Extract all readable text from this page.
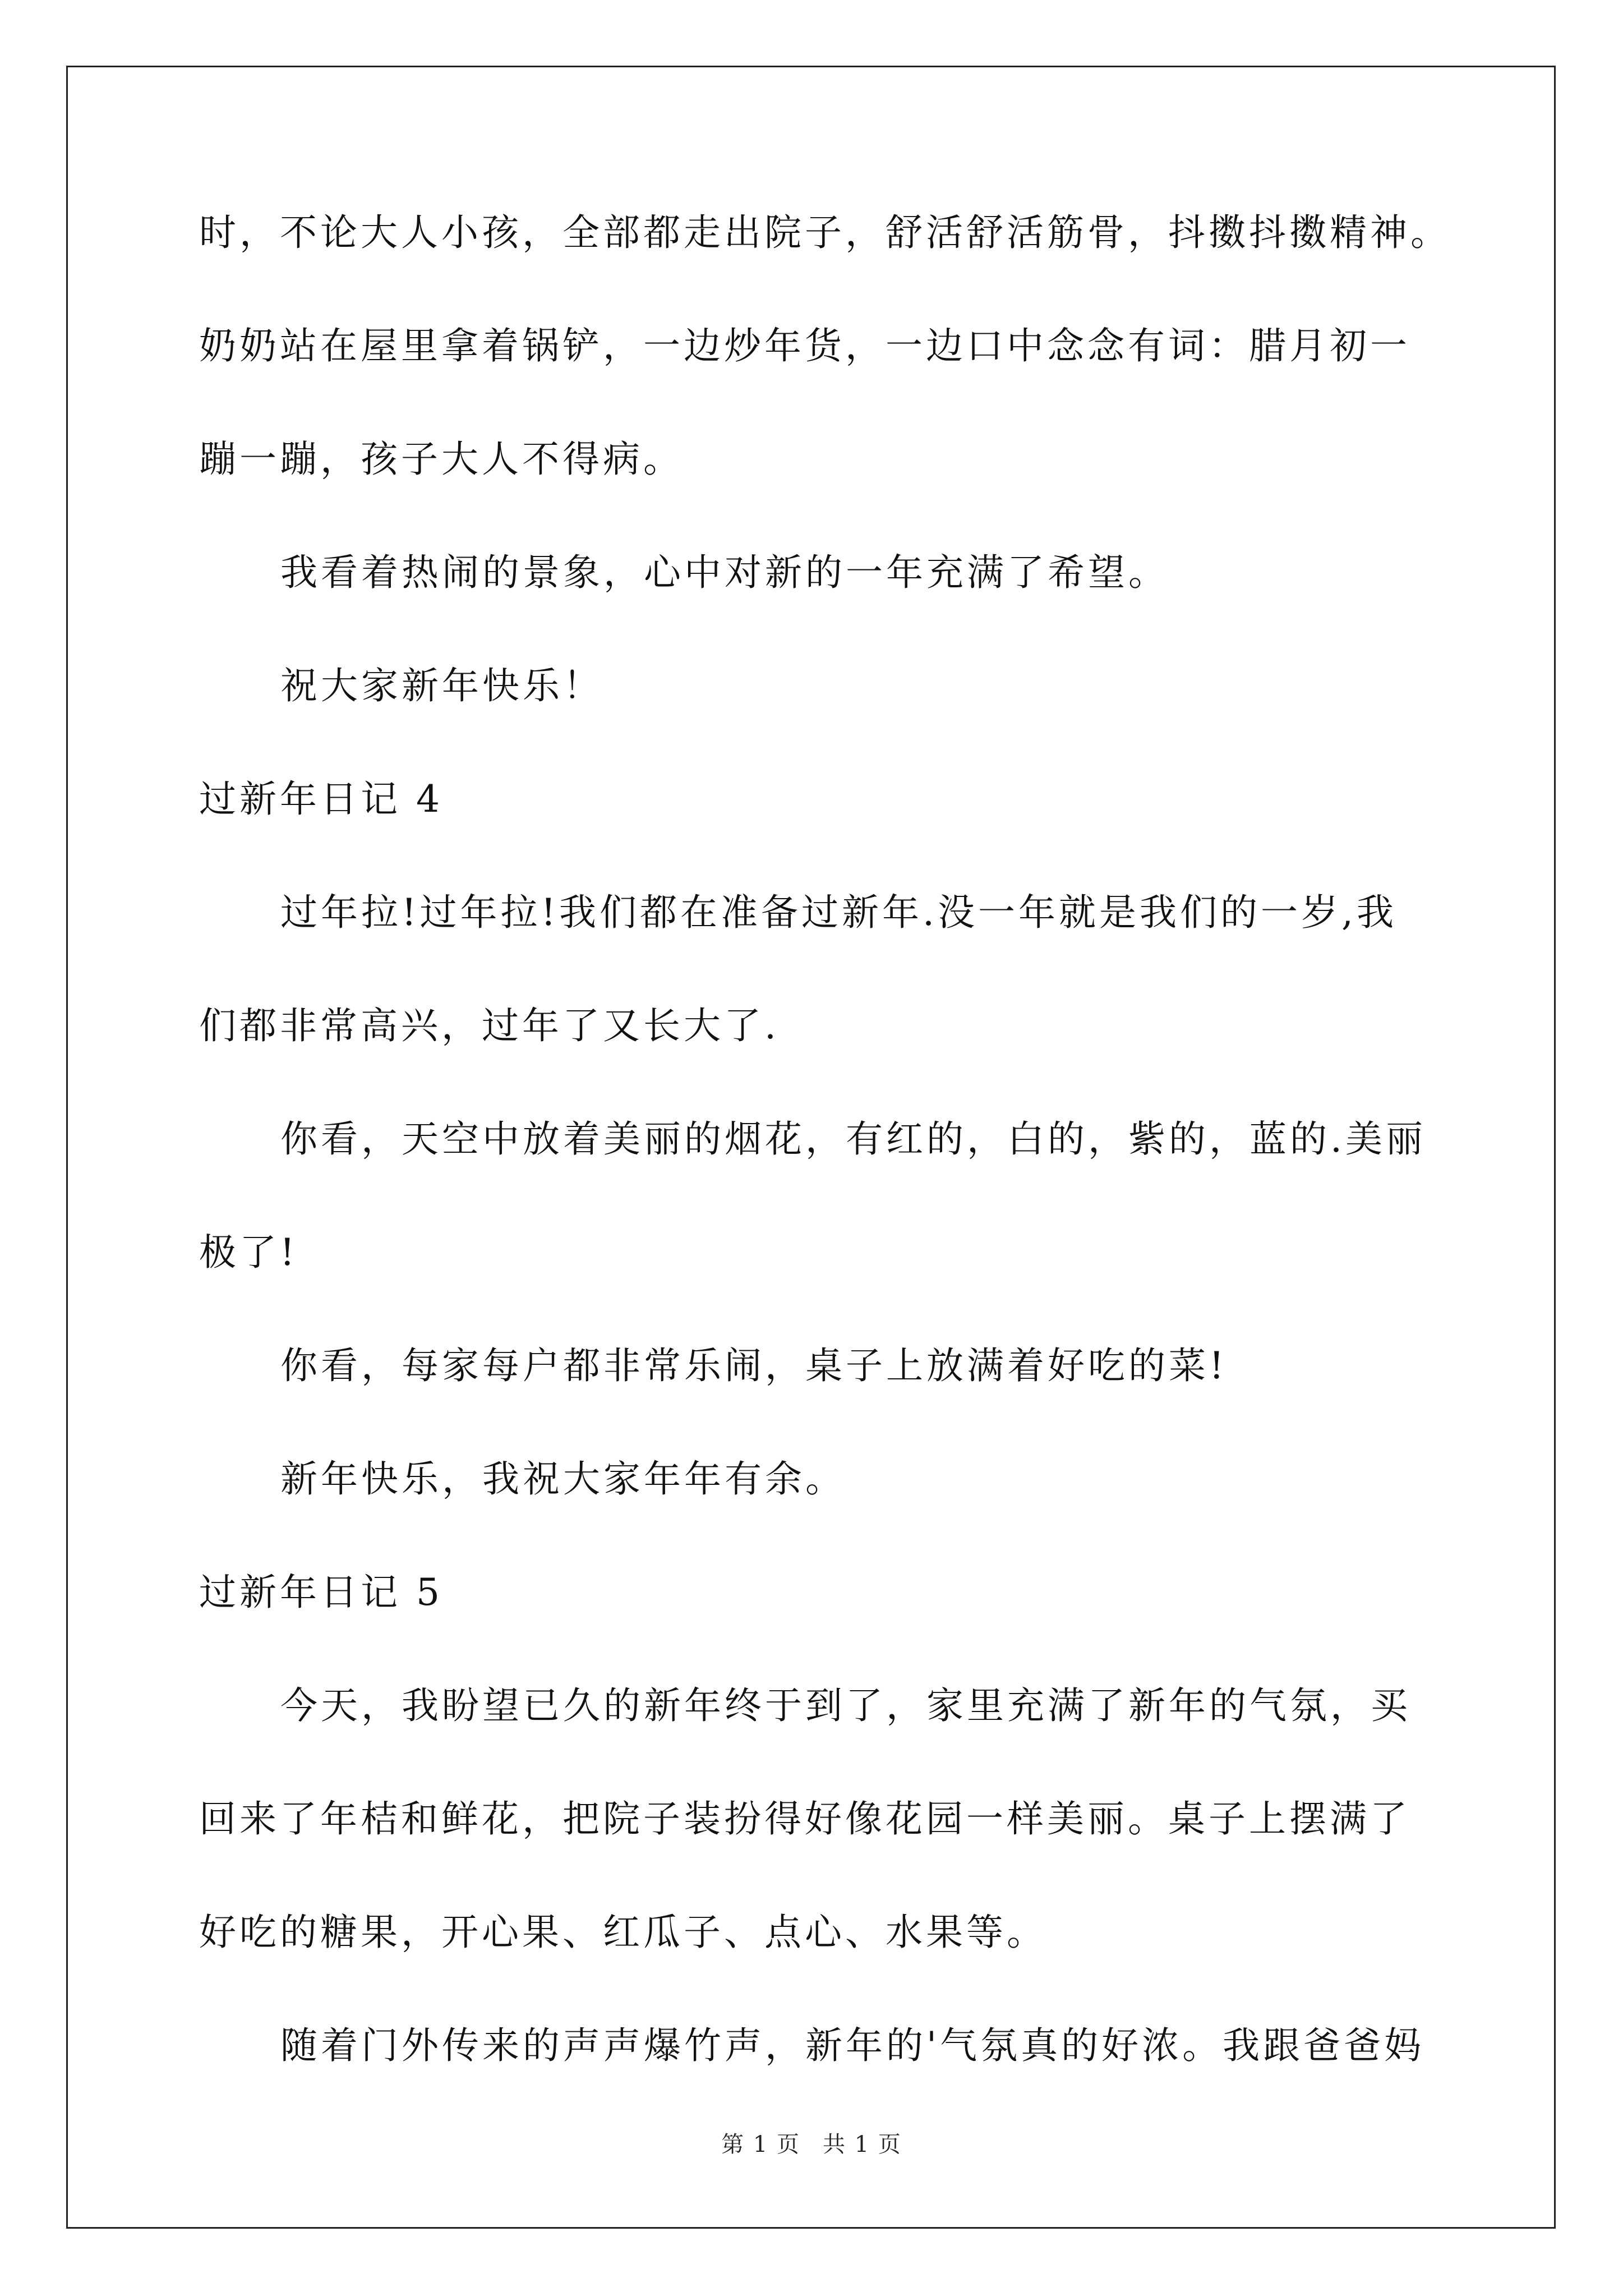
时，不论大人小孩，全部都走出院子，舒活舒活筋骨，抖擞抖擞精神。
奶奶站在屋里拿着锅铲，一边炒年货，一边口中念念有词：腊月初一
蹦一蹦，孩子大人不得病。
我看着热闹的景象，心中对新的一年充满了希望。
祝大家新年快乐！
过新年日记 4
过年拉!过年拉!我们都在准备过新年.没一年就是我们的一岁,我
们都非常高兴，过年了又长大了.
你看，天空中放着美丽的烟花，有红的，白的，紫的，蓝的.美丽
极了!
你看，每家每户都非常乐闹，桌子上放满着好吃的菜!
新年快乐，我祝大家年年有余。
过新年日记 5
今天，我盼望已久的新年终于到了，家里充满了新年的气氛，买
回来了年桔和鲜花，把院子装扮得好像花园一样美丽。桌子上摆满了
好吃的糖果，开心果、红瓜子、点心、水果等。
随着门外传来的声声爆竹声，新年的'气氛真的好浓。我跟爸爸妈
第 1 页 共 1 页
